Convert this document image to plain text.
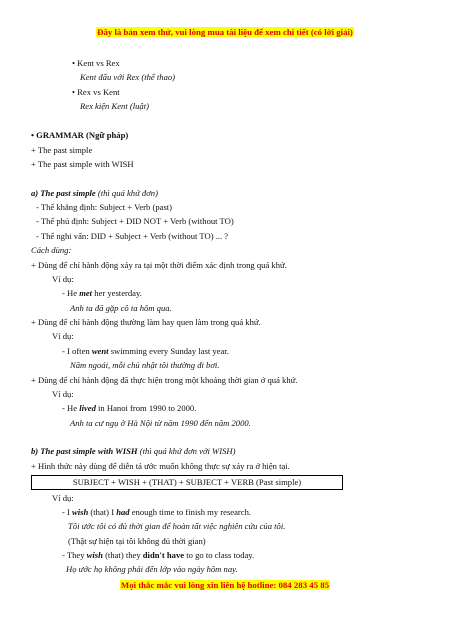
Đây là bản xem thử, vui lòng mua tài liệu để xem chi tiết (có lời giải)
• Kent vs Rex
Kent đấu với Rex (thể thao)
• Rex vs Kent
Rex kiện Kent (luật)
• GRAMMAR (Ngữ pháp)
+ The past simple
+ The past simple with WISH
a) The past simple (thì quá khứ đơn)
- Thể khẳng định: Subject + Verb (past)
- Thể phủ định: Subject + DID NOT + Verb (without TO)
- Thể nghi vấn: DID + Subject + Verb (without TO) ... ?
Cách dùng:
+ Dùng để chỉ hành động xảy ra tại một thời điểm xác định trong quá khứ.
Ví dụ:
- He met her yesterday.
Anh ta đã gặp cô ta hôm qua.
+ Dùng để chỉ hành động thường làm hay quen làm trong quá khứ.
Ví dụ:
- I often went swimming every Sunday last year.
Năm ngoái, mỗi chủ nhật tôi thường đi bơi.
+ Dùng để chỉ hành động đã thực hiện trong một khoảng thời gian ở quá khứ.
Ví dụ:
- He lived in Hanoi from 1990 to 2000.
Anh ta cư ngụ ở Hà Nội từ năm 1990 đến năm 2000.
b) The past simple with WISH (thì quá khứ đơn với WISH)
+ Hình thức này dùng để diễn tả ước muốn không thực sự xảy ra ở hiện tại.
SUBJECT + WISH + (THAT) + SUBJECT + VERB (Past simple)
Ví dụ:
- I wish (that) I had enough time to finish my research.
Tôi ước tôi có đủ thời gian để hoàn tất việc nghiên cứu của tôi.
(Thật sự hiện tại tôi không đủ thời gian)
- They wish (that) they didn't have to go to class today.
Họ ước họ không phải đến lớp vào ngày hôm nay.
Mọi thắc mắc vui lòng xin liên hệ hotline: 084 283 45 85
